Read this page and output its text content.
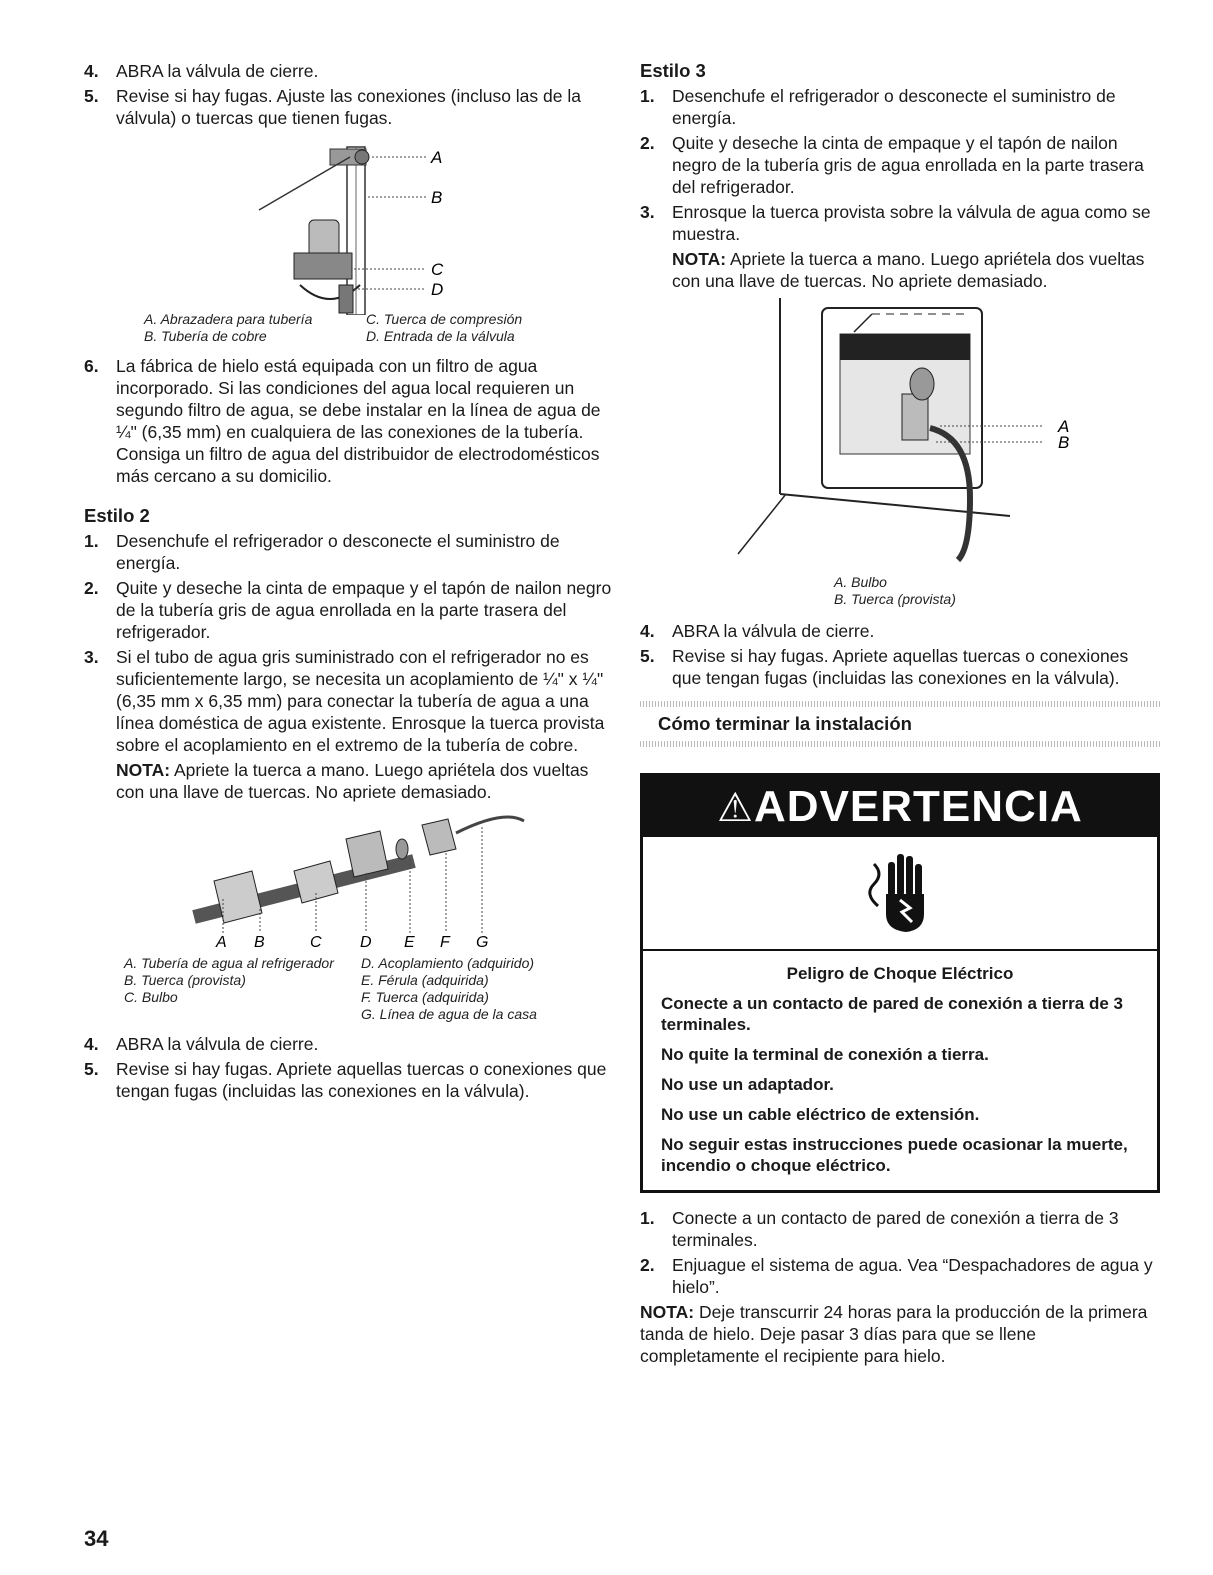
4. ABRA la válvula de cierre.
5. Revise si hay fugas. Ajuste las conexiones (incluso las de la válvula) o tuercas que tienen fugas.
A
B
C
D
A. Abrazadera para tubería	C. Tuerca de compresión
B. Tubería de cobre	D. Entrada de la válvula
6. La fábrica de hielo está equipada con un filtro de agua incorporado. Si las condiciones del agua local requieren un segundo filtro de agua, se debe instalar en la línea de agua de ¼" (6,35 mm) en cualquiera de las conexiones de la tubería. Consiga un filtro de agua del distribuidor de electrodomésticos más cercano a su domicilio.
Estilo 2
1. Desenchufe el refrigerador o desconecte el suministro de energía.
2. Quite y deseche la cinta de empaque y el tapón de nailon negro de la tubería gris de agua enrollada en la parte trasera del refrigerador.
3. Si el tubo de agua gris suministrado con el refrigerador no es suficientemente largo, se necesita un acoplamiento de ¼" x ¼" (6,35 mm x 6,35 mm) para conectar la tubería de agua a una línea doméstica de agua existente. Enrosque la tuerca provista sobre el acoplamiento en el extremo de la tubería de cobre.
NOTA: Apriete la tuerca a mano. Luego apriétela dos vueltas con una llave de tuercas. No apriete demasiado.
A B	C D E F G
A. Tubería de agua al refrigerador	D. Acoplamiento (adquirido)
B. Tuerca (provista)	E. Férula (adquirida)
C. Bulbo	F. Tuerca (adquirida)
G. Línea de agua de la casa
4. ABRA la válvula de cierre.
5. Revise si hay fugas. Apriete aquellas tuercas o conexiones que tengan fugas (incluidas las conexiones en la válvula).
Estilo 3
1. Desenchufe el refrigerador o desconecte el suministro de energía.
2. Quite y deseche la cinta de empaque y el tapón de nailon negro de la tubería gris de agua enrollada en la parte trasera del refrigerador.
3. Enrosque la tuerca provista sobre la válvula de agua como se muestra.
NOTA: Apriete la tuerca a mano. Luego apriétela dos vueltas con una llave de tuercas. No apriete demasiado.
A
B
A. Bulbo
B. Tuerca (provista)
4. ABRA la válvula de cierre.
5. Revise si hay fugas. Apriete aquellas tuercas o conexiones que tengan fugas (incluidas las conexiones en la válvula).
Cómo terminar la instalación
⚠ADVERTENCIA
Peligro de Choque Eléctrico

Conecte a un contacto de pared de conexión a tierra de 3 terminales.

No quite la terminal de conexión a tierra.

No use un adaptador.

No use un cable eléctrico de extensión.

No seguir estas instrucciones puede ocasionar la muerte, incendio o choque eléctrico.

1. Conecte a un contacto de pared de conexión a tierra de 3 terminales.
2. Enjuague el sistema de agua. Vea “Despachadores de agua y hielo”.
NOTA: Deje transcurrir 24 horas para la producción de la primera tanda de hielo. Deje pasar 3 días para que se llene completamente el recipiente para hielo.
34
